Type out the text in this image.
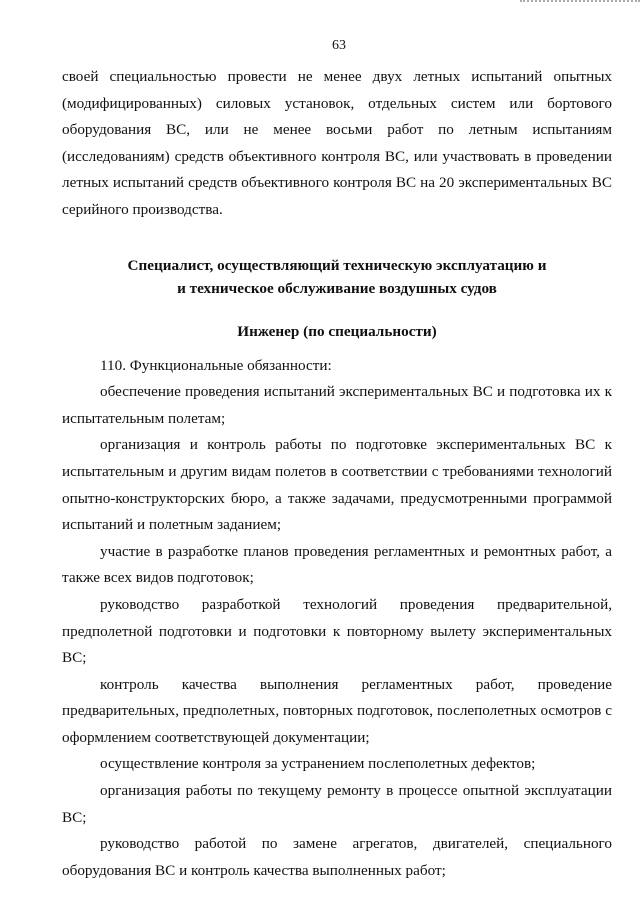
63

своей специальностью провести не менее двух летных испытаний опытных (модифицированных) силовых установок, отдельных систем или бортового оборудования ВС, или не менее восьми работ по летным испытаниям (исследованиям) средств объективного контроля ВС, или участвовать в проведении летных испытаний средств объективного контроля ВС на 20 экспериментальных ВС серийного производства.

Специалист, осуществляющий техническую эксплуатацию и
и техническое обслуживание воздушных судов
Инженер (по специальности)

110. Функциональные обязанности:

обеспечение проведения испытаний экспериментальных ВС и подготовка их к испытательным полетам;

организация и контроль работы по подготовке экспериментальных ВС к испытательным и другим видам полетов в соответствии с требованиями технологий опытно-конструкторских бюро, а также задачами, предусмотренными программой испытаний и полетным заданием;

участие в разработке планов проведения регламентных и ремонтных работ, а также всех видов подготовок;

руководство разработкой технологий проведения предварительной, предполетной подготовки и подготовки к повторному вылету экспериментальных ВС;

контроль качества выполнения регламентных работ, проведение предварительных, предполетных, повторных подготовок, послеполетных осмотров с оформлением соответствующей документации;

осуществление контроля за устранением послеполетных дефектов;

организация работы по текущему ремонту в процессе опытной эксплуатации ВС;

руководство работой по замене агрегатов, двигателей, специального оборудования ВС и контроль качества выполненных работ;
